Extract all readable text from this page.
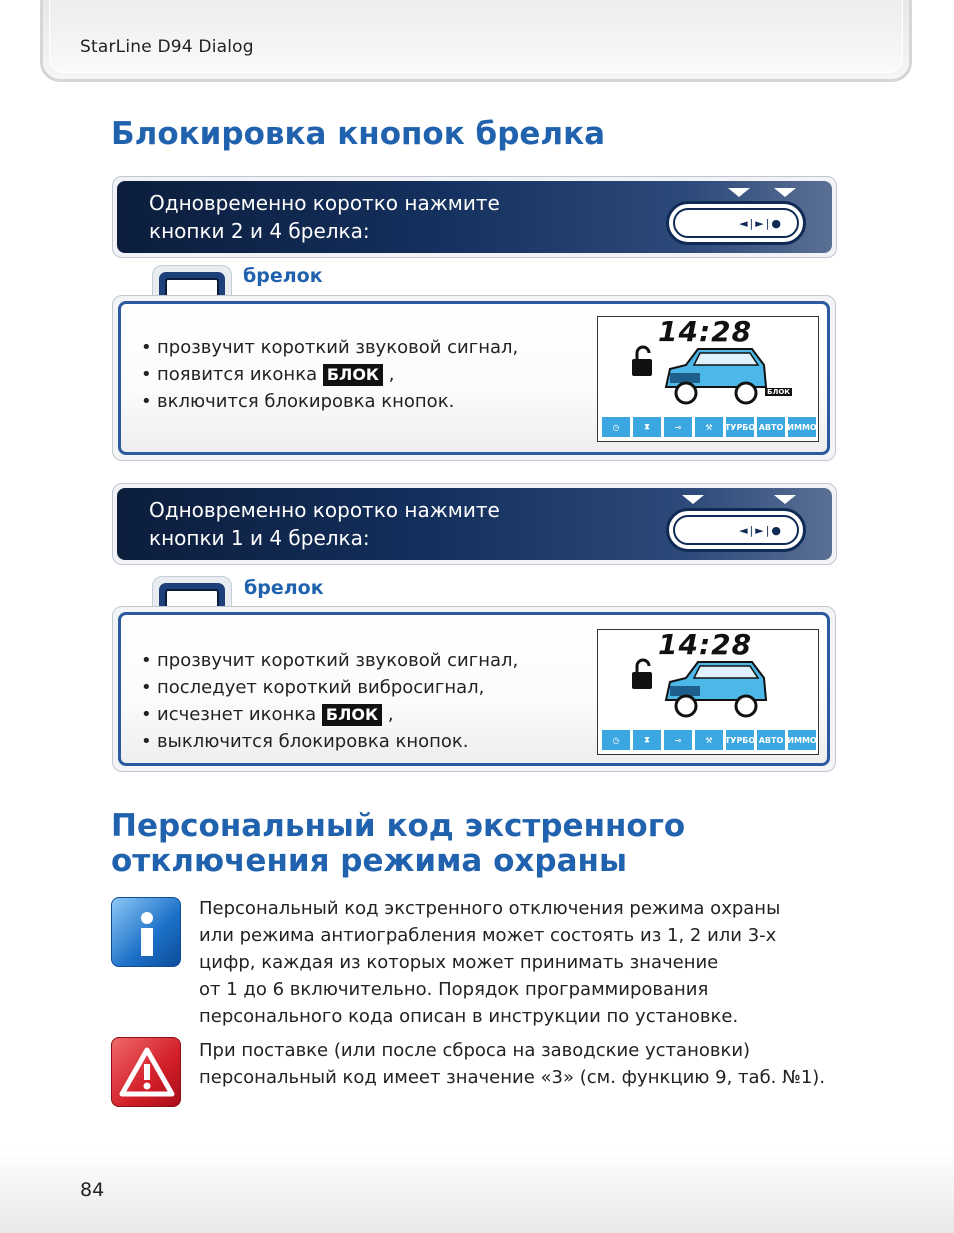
StarLine D94 Dialog
Блокировка кнопок брелка
Одновременно коротко нажмите
кнопки 2 и 4 брелка:	◄|►|●
брелок
• прозвучит короткий звуковой сигнал,
• появится иконка БЛОК ,
• включится блокировка кнопок.
14:28
БЛОК
◷	⧗	⊸	⚒	ТУРБО АВТО ИММО
Одновременно коротко нажмите
кнопки 1 и 4 брелка:	◄|►|●
брелок
• прозвучит короткий звуковой сигнал,
• последует короткий вибросигнал,
• исчезнет иконка БЛОК ,
• выключится блокировка кнопок.
14:28
◷	⧗	⊸	⚒	ТУРБО АВТО ИММО
Персональный код экстренного
отключения режима охраны
Персональный код экстренного отключения режима охраны
или режима антиограбления может состоять из 1, 2 или 3-х
цифр, каждая из которых может принимать значение
от 1 до 6 включительно. Порядок программирования
персонального кода описан в инструкции по установке.
При поставке (или после сброса на заводские установки)
персональный код имеет значение «3» (см. функцию 9, таб. №1).
84
